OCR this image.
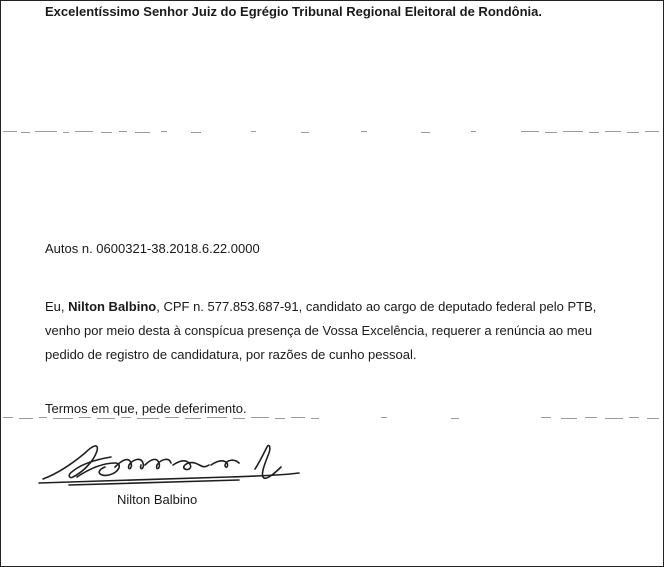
Excelentíssimo Senhor Juiz do Egrégio Tribunal Regional Eleitoral de Rondônia.
Autos n. 0600321-38.2018.6.22.0000
Eu, Nilton Balbino, CPF n. 577.853.687-91, candidato ao cargo de deputado federal pelo PTB,
venho por meio desta à conspícua presença de Vossa Excelência, requerer a renúncia ao meu
pedido de registro de candidatura, por razões de cunho pessoal.
Termos em que, pede deferimento.
Nilton Balbino
